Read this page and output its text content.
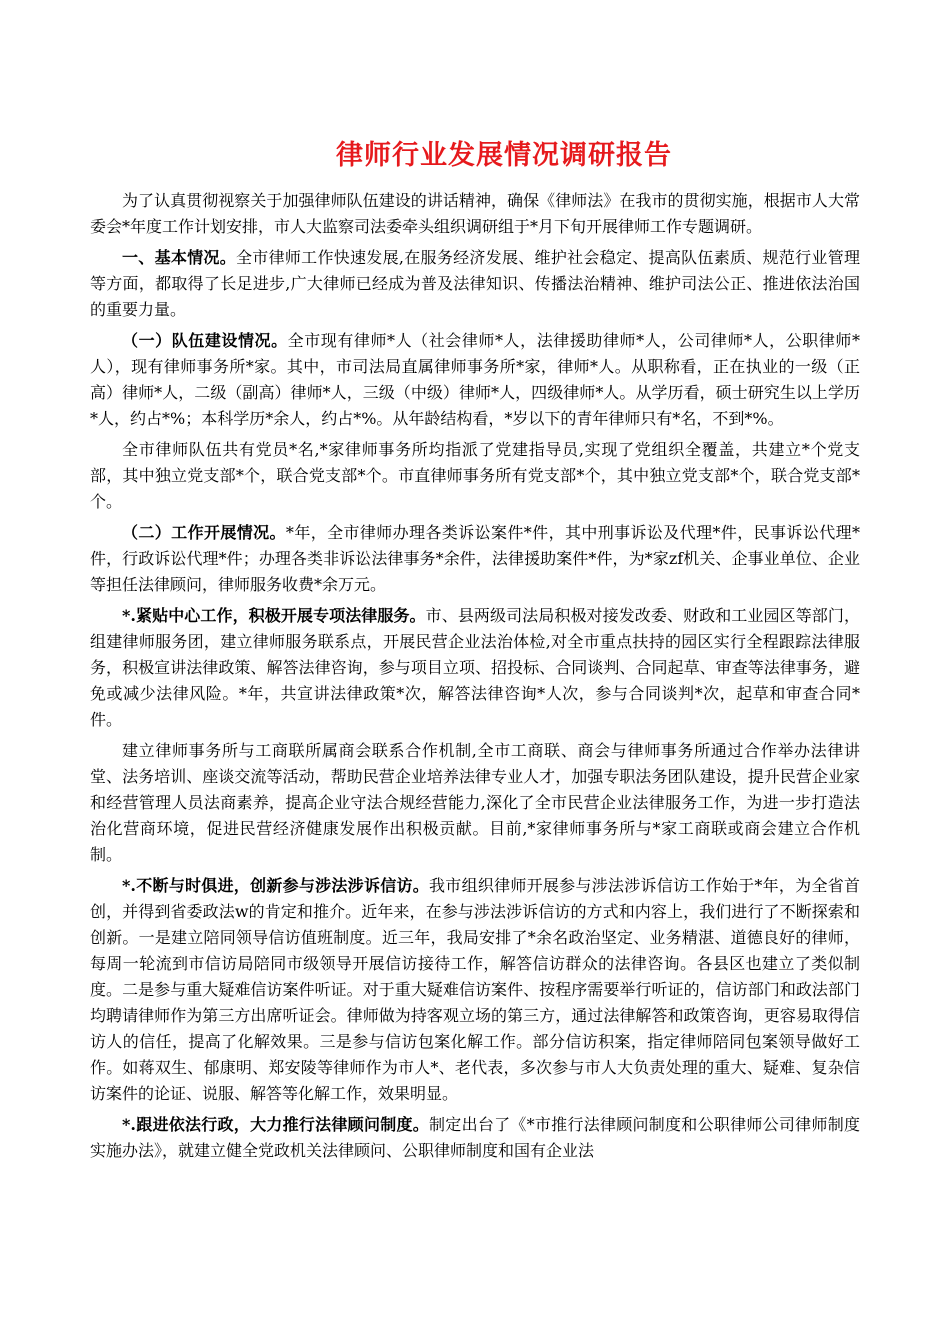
律师行业发展情况调研报告

为了认真贯彻视察关于加强律师队伍建设的讲话精神，确保《律师法》在我市的贯彻实施，根据市人大常委会*年度工作计划安排，市人大监察司法委牵头组织调研组于*月下旬开展律师工作专题调研。

一、基本情况。全市律师工作快速发展,在服务经济发展、维护社会稳定、提高队伍素质、规范行业管理等方面，都取得了长足进步,广大律师已经成为普及法律知识、传播法治精神、维护司法公正、推进依法治国的重要力量。

（一）队伍建设情况。全市现有律师*人（社会律师*人，法律援助律师*人，公司律师*人，公职律师*人），现有律师事务所*家。其中，市司法局直属律师事务所*家，律师*人。从职称看，正在执业的一级（正高）律师*人，二级（副高）律师*人，三级（中级）律师*人，四级律师*人。从学历看，硕士研究生以上学历*人，约占*%；本科学历*余人，约占*%。从年龄结构看，*岁以下的青年律师只有*名，不到*%。

全市律师队伍共有党员*名,*家律师事务所均指派了党建指导员,实现了党组织全覆盖，共建立*个党支部，其中独立党支部*个，联合党支部*个。市直律师事务所有党支部*个，其中独立党支部*个，联合党支部*个。

（二）工作开展情况。*年，全市律师办理各类诉讼案件*件，其中刑事诉讼及代理*件，民事诉讼代理*件，行政诉讼代理*件；办理各类非诉讼法律事务*余件，法律援助案件*件，为*家zf机关、企事业单位、企业等担任法律顾问，律师服务收费*余万元。

*.紧贴中心工作，积极开展专项法律服务。市、县两级司法局积极对接发改委、财政和工业园区等部门，组建律师服务团，建立律师服务联系点，开展民营企业法治体检,对全市重点扶持的园区实行全程跟踪法律服务，积极宣讲法律政策、解答法律咨询，参与项目立项、招投标、合同谈判、合同起草、审查等法律事务，避免或减少法律风险。*年，共宣讲法律政策*次，解答法律咨询*人次，参与合同谈判*次，起草和审查合同*件。

建立律师事务所与工商联所属商会联系合作机制,全市工商联、商会与律师事务所通过合作举办法律讲堂、法务培训、座谈交流等活动，帮助民营企业培养法律专业人才，加强专职法务团队建设，提升民营企业家和经营管理人员法商素养，提高企业守法合规经营能力,深化了全市民营企业法律服务工作，为进一步打造法治化营商环境，促进民营经济健康发展作出积极贡献。目前,*家律师事务所与*家工商联或商会建立合作机制。

*.不断与时俱进，创新参与涉法涉诉信访。我市组织律师开展参与涉法涉诉信访工作始于*年，为全省首创，并得到省委政法w的肯定和推介。近年来，在参与涉法涉诉信访的方式和内容上，我们进行了不断探索和创新。一是建立陪同领导信访值班制度。近三年，我局安排了*余名政治坚定、业务精湛、道德良好的律师，每周一轮流到市信访局陪同市级领导开展信访接待工作，解答信访群众的法律咨询。各县区也建立了类似制度。二是参与重大疑难信访案件听证。对于重大疑难信访案件、按程序需要举行听证的，信访部门和政法部门均聘请律师作为第三方出席听证会。律师做为持客观立场的第三方，通过法律解答和政策咨询，更容易取得信访人的信任，提高了化解效果。三是参与信访包案化解工作。部分信访积案，指定律师陪同包案领导做好工作。如蒋双生、郁康明、郑安陵等律师作为市人*、老代表，多次参与市人大负责处理的重大、疑难、复杂信访案件的论证、说服、解答等化解工作，效果明显。

*.跟进依法行政，大力推行法律顾问制度。制定出台了《*市推行法律顾问制度和公职律师公司律师制度实施办法》，就建立健全党政机关法律顾问、公职律师制度和国有企业法
